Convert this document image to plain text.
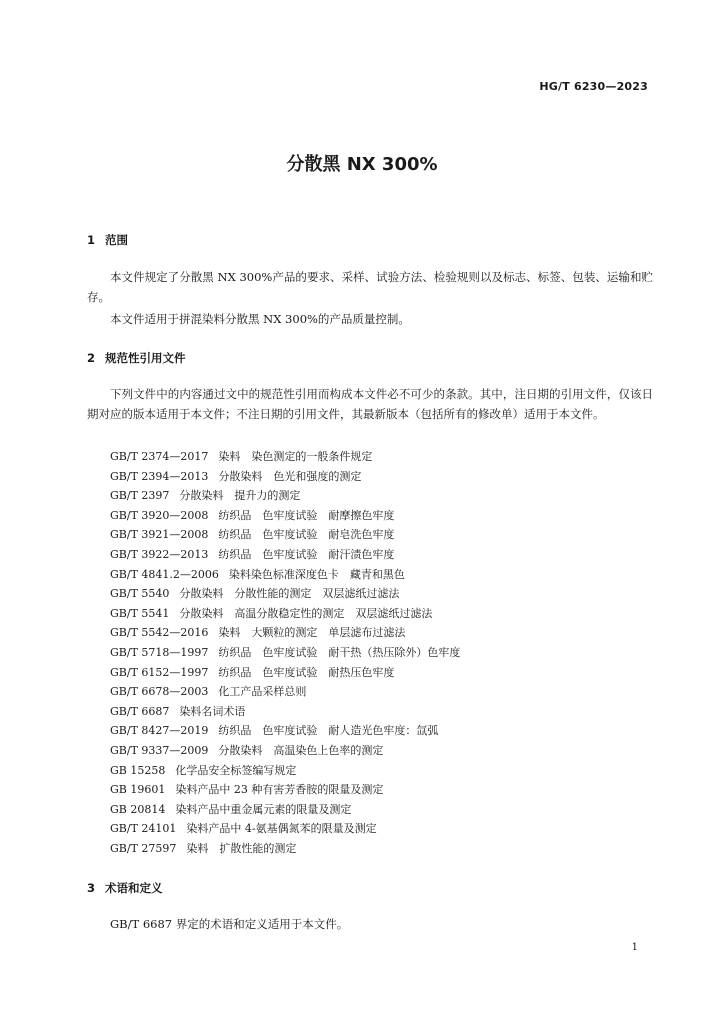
HG/T 6230—2023
分散黑 NX 300%
1 范围

本文件规定了分散黑 NX 300%产品的要求、采样、试验方法、检验规则以及标志、标签、包装、运输和贮存。

本文件适用于拼混染料分散黑 NX 300%的产品质量控制。

2 规范性引用文件

下列文件中的内容通过文中的规范性引用而构成本文件必不可少的条款。其中，注日期的引用文件，仅该日期对应的版本适用于本文件；不注日期的引用文件，其最新版本（包括所有的修改单）适用于本文件。

GB/T 2374—2017 染料　染色测定的一般条件规定
GB/T 2394—2013 分散染料　色光和强度的测定
GB/T 2397 分散染料　提升力的测定
GB/T 3920—2008 纺织品　色牢度试验　耐摩擦色牢度
GB/T 3921—2008 纺织品　色牢度试验　耐皂洗色牢度
GB/T 3922—2013 纺织品　色牢度试验　耐汗渍色牢度
GB/T 4841.2—2006 染料染色标准深度色卡　藏青和黑色
GB/T 5540 分散染料　分散性能的测定　双层滤纸过滤法
GB/T 5541 分散染料　高温分散稳定性的测定　双层滤纸过滤法
GB/T 5542—2016 染料　大颗粒的测定　单层滤布过滤法
GB/T 5718—1997 纺织品　色牢度试验　耐干热（热压除外）色牢度
GB/T 6152—1997 纺织品　色牢度试验　耐热压色牢度
GB/T 6678—2003 化工产品采样总则
GB/T 6687 染料名词术语
GB/T 8427—2019 纺织品　色牢度试验　耐人造光色牢度：氙弧
GB/T 9337—2009 分散染料　高温染色上色率的测定
GB 15258 化学品安全标签编写规定
GB 19601 染料产品中 23 种有害芳香胺的限量及测定
GB 20814 染料产品中重金属元素的限量及测定
GB/T 24101 染料产品中 4-氨基偶氮苯的限量及测定
GB/T 27597 染料　扩散性能的测定
3 术语和定义

GB/T 6687 界定的术语和定义适用于本文件。

1
